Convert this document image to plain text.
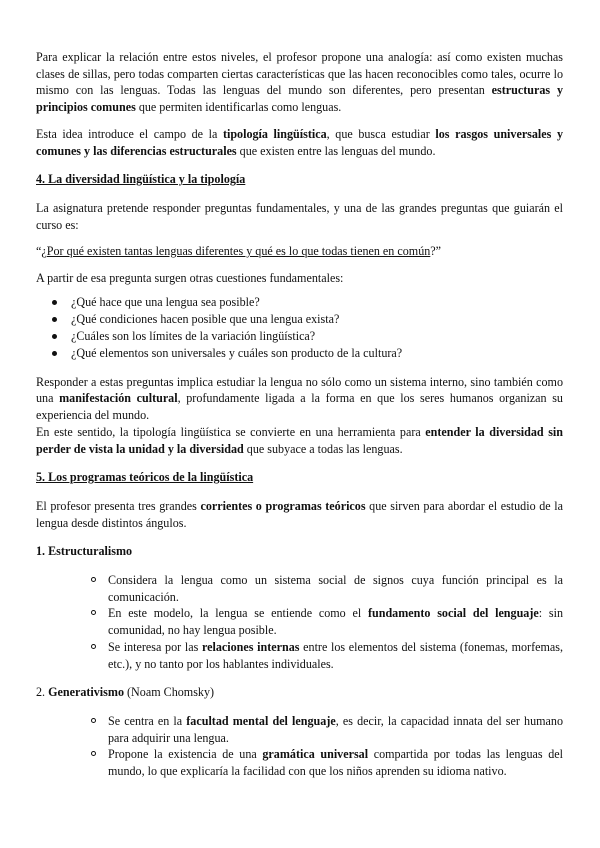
Para explicar la relación entre estos niveles, el profesor propone una analogía: así como existen muchas clases de sillas, pero todas comparten ciertas características que las hacen reconocibles como tales, ocurre lo mismo con las lenguas. Todas las lenguas del mundo son diferentes, pero presentan estructuras y principios comunes que permiten identificarlas como lenguas.

Esta idea introduce el campo de la tipología lingüística, que busca estudiar los rasgos universales y comunes y las diferencias estructurales que existen entre las lenguas del mundo.

4. La diversidad lingüística y la tipología

La asignatura pretende responder preguntas fundamentales, y una de las grandes preguntas que guiarán el curso es:

“¿Por qué existen tantas lenguas diferentes y qué es lo que todas tienen en común?”

A partir de esa pregunta surgen otras cuestiones fundamentales:

¿Qué hace que una lengua sea posible?
¿Qué condiciones hacen posible que una lengua exista?
¿Cuáles son los límites de la variación lingüística?
¿Qué elementos son universales y cuáles son producto de la cultura?

Responder a estas preguntas implica estudiar la lengua no sólo como un sistema interno, sino también como una manifestación cultural, profundamente ligada a la forma en que los seres humanos organizan su experiencia del mundo.

En este sentido, la tipología lingüística se convierte en una herramienta para entender la diversidad sin perder de vista la unidad y la diversidad que subyace a todas las lenguas.

5. Los programas teóricos de la lingüística

El profesor presenta tres grandes corrientes o programas teóricos que sirven para abordar el estudio de la lengua desde distintos ángulos.

1. Estructuralismo

Considera la lengua como un sistema social de signos cuya función principal es la comunicación.
En este modelo, la lengua se entiende como el fundamento social del lenguaje: sin comunidad, no hay lengua posible.
Se interesa por las relaciones internas entre los elementos del sistema (fonemas, morfemas, etc.), y no tanto por los hablantes individuales.

2. Generativismo (Noam Chomsky)

Se centra en la facultad mental del lenguaje, es decir, la capacidad innata del ser humano para adquirir una lengua.
Propone la existencia de una gramática universal compartida por todas las lenguas del mundo, lo que explicaría la facilidad con que los niños aprenden su idioma nativo.
